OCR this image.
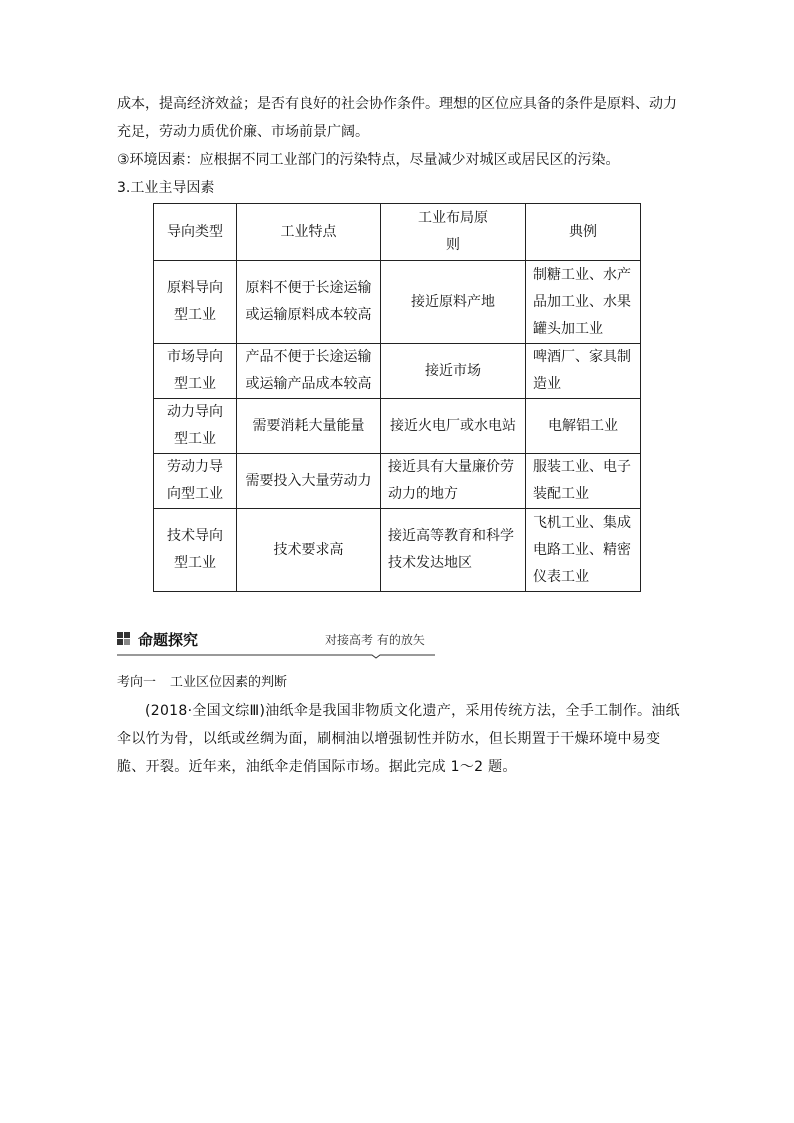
成本，提高经济效益；是否有良好的社会协作条件。理想的区位应具备的条件是原料、动力
充足，劳动力质优价廉、市场前景广阔。

③环境因素：应根据不同工业部门的污染特点，尽量减少对城区或居民区的污染。

3.工业主导因素

导向类型	工业特点	工业布局原则	典例

原料导向型工业	原料不便于长途运输或运输原料成本较高	接近原料产地	制糖工业、水产品加工业、水果罐头加工业

市场导向型工业	产品不便于长途运输或运输产品成本较高	接近市场	啤酒厂、家具制造业

动力导向型工业	需要消耗大量能量	接近火电厂或水电站	电解铝工业

劳动力导向型工业	需要投入大量劳动力	接近具有大量廉价劳动力的地方	服装工业、电子装配工业

技术导向型工业	技术要求高	接近高等教育和科学技术发达地区	飞机工业、集成电路工业、精密仪表工业
命题探究	对接高考 有的放矢
考向一 工业区位因素的判断

(2018·全国文综Ⅲ)油纸伞是我国非物质文化遗产，采用传统方法，全手工制作。油纸伞以竹为骨，以纸或丝绸为面，刷桐油以增强韧性并防水，但长期置于干燥环境中易变脆、开裂。近年来，油纸伞走俏国际市场。据此完成 1～2 题。
